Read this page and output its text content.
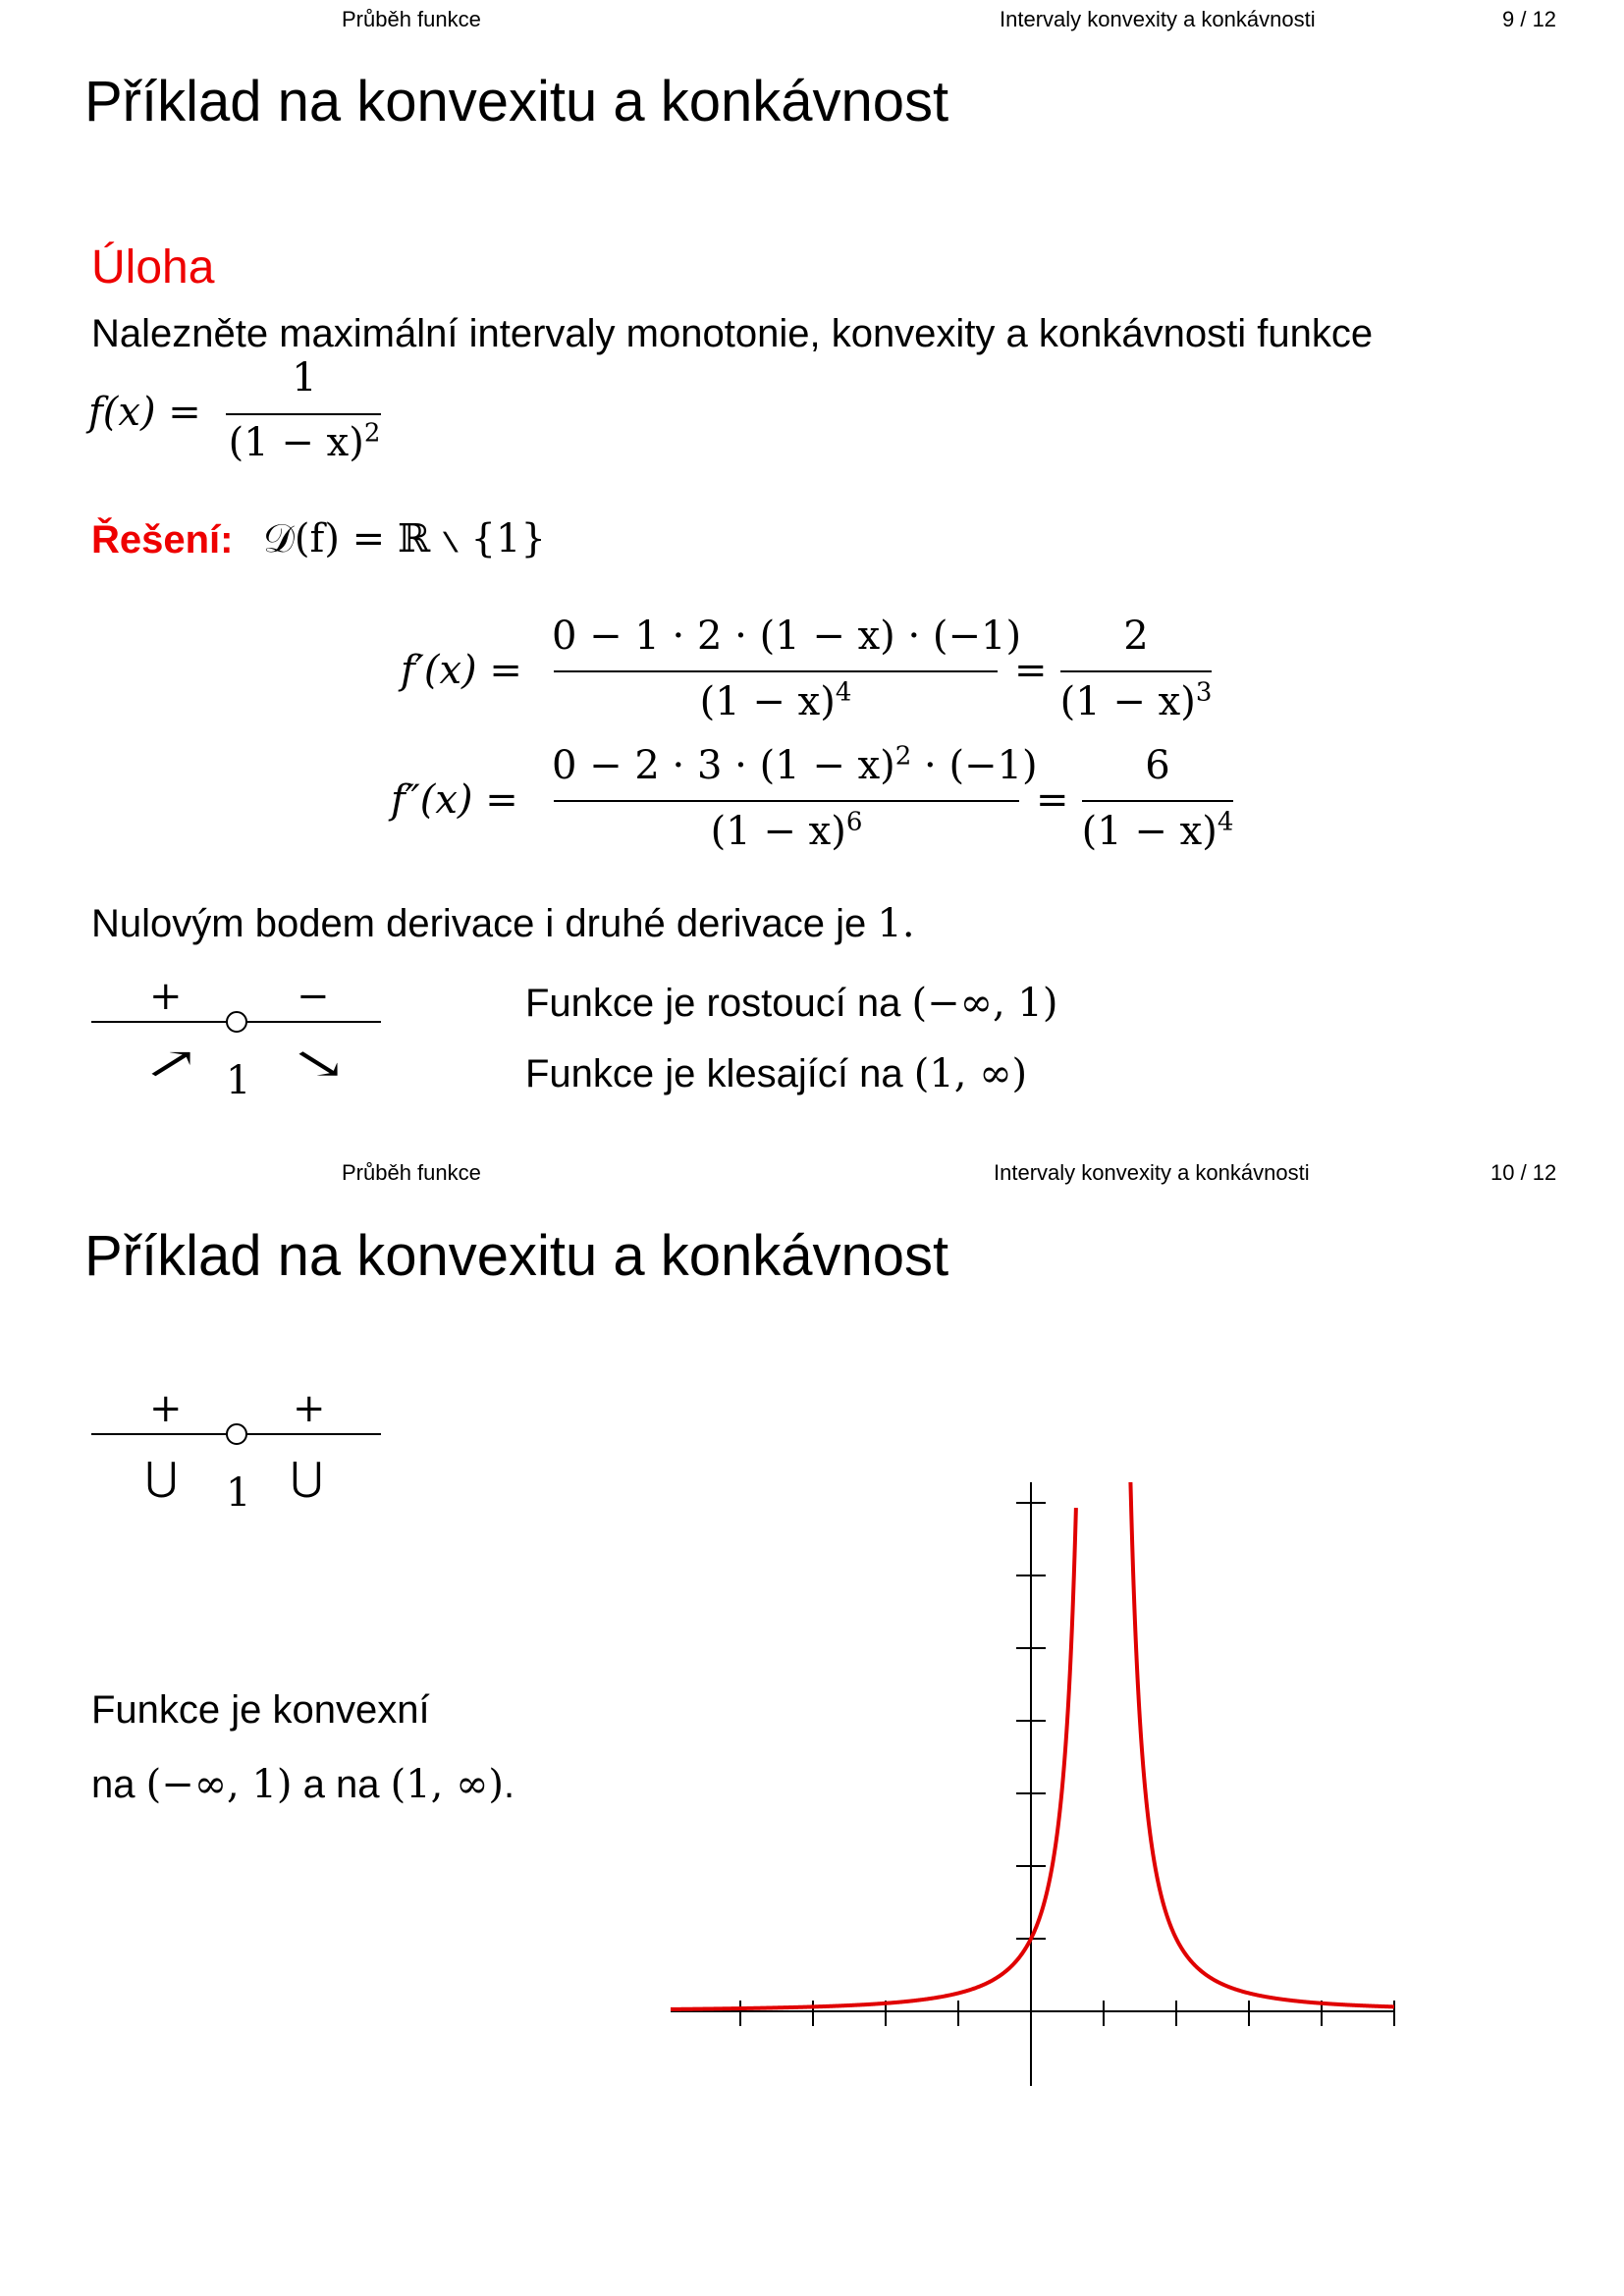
Průběh funkce	Intervaly konvexity a konkávnosti	9 / 12
Příklad na konvexitu a konkávnost
Úloha
Nalezněte maximální intervaly monotonie, konvexity a konkávnosti funkce
f(x) =
1
$(1 - x)^2$
Řešení: 𝒟(f) = ℝ ∖ {1}
f′(x) =
0 − 1 · 2 · (1 − x) · (−1)
$(1 - x)^4$	=
2
$(1 - x)^3$
f″(x) =
$0 - 2 \cdot 3 \cdot (1 - x)^2 \cdot (-1)$
$(1 - x)^6$	=
6
$(1 - x)^4$
Nulovým bodem derivace i druhé derivace je 1.
+	−
↗ 1 ↘
Funkce je rostoucí na (−∞, 1)
Funkce je klesající na (1, ∞)
Průběh funkce	Intervaly konvexity a konkávnosti	10 / 12
Příklad na konvexitu a konkávnost
+	+
⋃ 1 ⋃
Funkce je konvexní
na (−∞, 1) a na (1, ∞).
